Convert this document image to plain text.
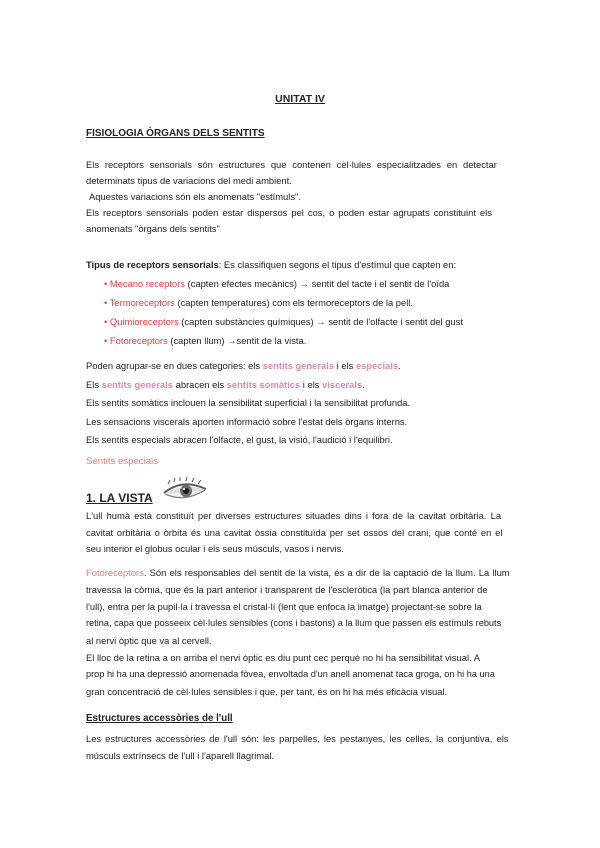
UNITAT IV
FISIOLOGIA ÒRGANS DELS SENTITS
Els receptors sensorials són estructures que contenen cèl·lules especialitzades en detectar
determinats tipus de variacions del medi ambient.
Aquestes variacions són els anomenats "estímuls".
Els receptors sensorials poden estar dispersos pel cos, o poden estar agrupats constituint els
anomenats "òrgans dels sentits"
Tipus de receptors sensorials: Es classifiquen segons el tipus d'estímul que capten en:
• Mecano receptors (capten efectes mecànics) → sentit del tacte i el sentit de l'oïda
• Termoreceptors (capten temperatures) com els termoreceptors de la pell.
• Quimioreceptors (capten substàncies químiques) → sentit de l'olfacte i sentit del gust
• Fotoreceptors (capten llum) →sentit de la vista.

Poden agrupar-se en dues categories: els sentits generals i els especials.

Els sentits generals abracen els sentits somàtics i els viscerals.

Els sentits somàtics inclouen la sensibilitat superficial i la sensibilitat profunda.

Les sensacions viscerals aporten informació sobre l'estat dels òrgans interns.

Els sentits especials abracen l'olfacte, el gust, la visió, l'audició i l'equilibri.

Sentits especials
1. LA VISTA
L'ull humà està constituït per diverses estructures situades dins i fora de la cavitat orbitària. La
cavitat orbitària o òrbita és una cavitat òssia constituïda per set ossos del crani, que conté en el
seu interior el globus ocular i els seus músculs, vasos i nervis.
Fotoreceptors. Són els responsables del sentit de la vista, és a dir de la captació de la llum. La llum
travessa la còrnia, que és la part anterior i transparent de l'escleròtica (la part blanca anterior de
l'ull), entra per la pupil·la i travessa el cristal·lí (lent que enfoca la imatge) projectant-se sobre la
retina, capa que posseeix cèl·lules sensibles (cons i bastons) a la llum que passen els estímuls rebuts
al nervi òptic que va al cervell.
El lloc de la retina a on arriba el nervi òptic es diu punt cec perquè no hi ha sensibilitat visual. A
prop hi ha una depressió anomenada fòvea, envoltada d'un anell anomenat taca groga, on hi ha una
gran concentració de cèl·lules sensibles i que, per tant, és on hi ha més eficàcia visual.
Estructures accessòries de l'ull
Les estructures accessòries de l'ull són: les parpelles, les pestanyes, les celles, la conjuntiva, els
músculs extrínsecs de l'ull i l'aparell llagrimal.
